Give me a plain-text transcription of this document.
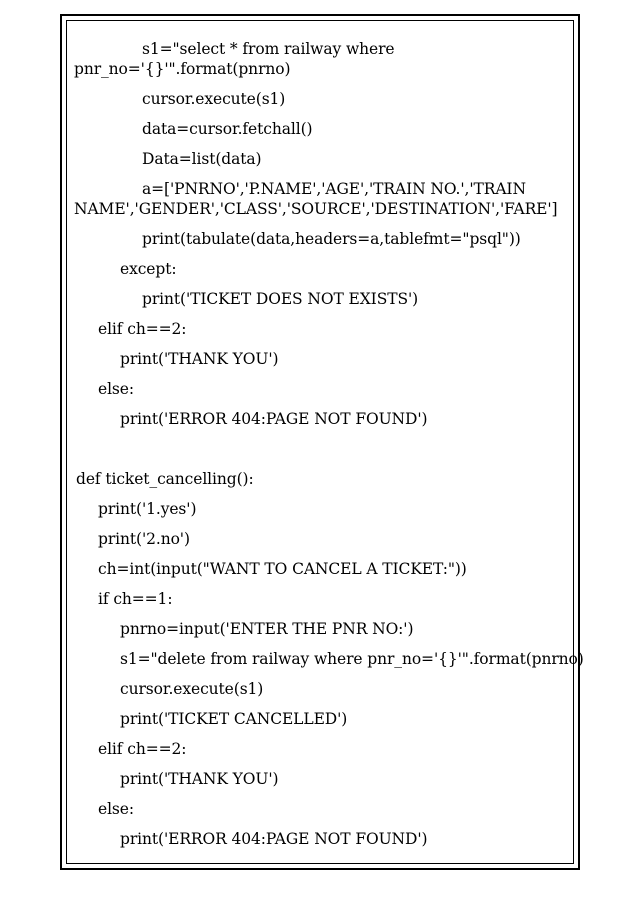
s1="select * from railway where
pnr_no='{}'".format(pnrno)
cursor.execute(s1)
data=cursor.fetchall()
Data=list(data)
a=['PNRNO','P.NAME','AGE','TRAIN NO.','TRAIN
NAME','GENDER','CLASS','SOURCE','DESTINATION','FARE']
print(tabulate(data,headers=a,tablefmt="psql"))
except:
print('TICKET DOES NOT EXISTS')
elif ch==2:
print('THANK YOU')
else:
print('ERROR 404:PAGE NOT FOUND')
def ticket_cancelling():
print('1.yes')
print('2.no')
ch=int(input("WANT TO CANCEL A TICKET:"))
if ch==1:
pnrno=input('ENTER THE PNR NO:')
s1="delete from railway where pnr_no='{}'".format(pnrno)
cursor.execute(s1)
print('TICKET CANCELLED')
elif ch==2:
print('THANK YOU')
else:
print('ERROR 404:PAGE NOT FOUND')
